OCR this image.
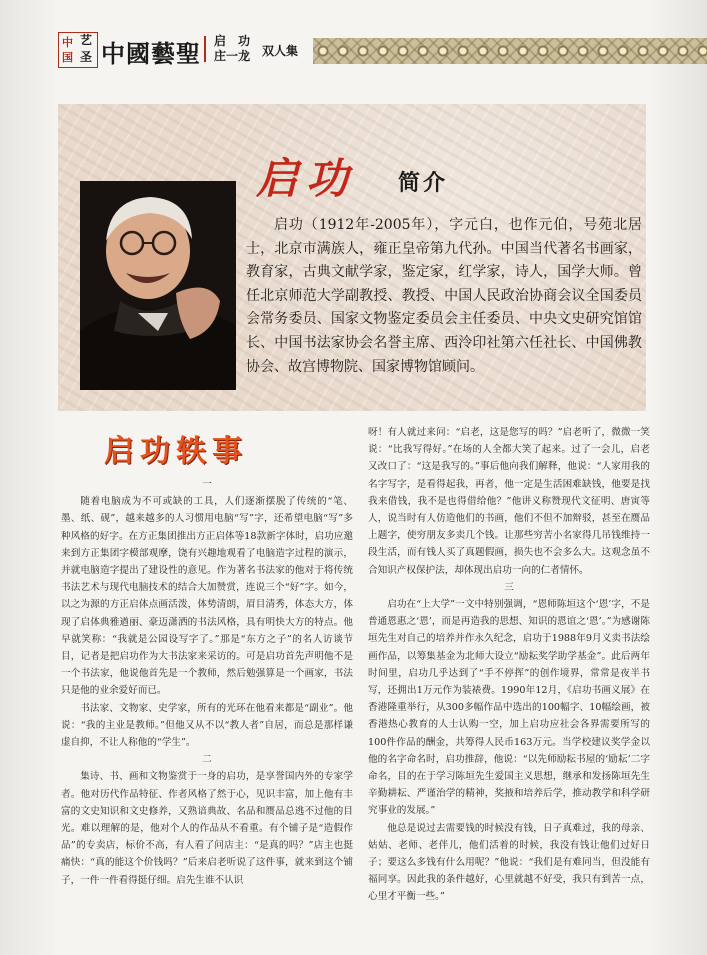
中 艺
国 圣 中國藝聖 启　功
庄一龙 双人集
启功 简介
启功（1912年-2005年），字元白，也作元伯，号苑北居士，北京市满族人，雍正皇帝第九代孙。中国当代著名书画家，教育家，古典文献学家，鉴定家，红学家，诗人，国学大师。曾任北京师范大学副教授、教授、中国人民政治协商会议全国委员会常务委员、国家文物鉴定委员会主任委员、中央文史研究馆馆长、中国书法家协会名誉主席、西泠印社第六任社长、中国佛教协会、故宫博物院、国家博物馆顾问。
启功轶事

一

随着电脑成为不可或缺的工具，人们逐渐摆脱了传统的“笔、墨、纸、砚”，越来越多的人习惯用电脑“写”字，还希望电脑“写”多种风格的好字。在方正集团推出方正启体等18款新字体时，启功应邀来到方正集团字模部观摩，饶有兴趣地观看了电脑造字过程的演示，并就电脑造字提出了建设性的意见。作为著名书法家的他对于将传统书法艺术与现代电脑技术的结合大加赞赏，连说三个“好”字。如今，以之为源的方正启体点画活泼，体势清朗，眉目清秀，体态大方，体现了启体典雅遒丽、豪迈潇洒的书法风格，具有明快大方的特点。他早就笑称：“我就是公园设写字了。”那是“东方之子”的名人访谈节目，记者是把启功作为大书法家来采访的。可是启功首先声明他不是一个书法家，他说他首先是一个教师，然后勉强算是一个画家，书法只是他的业余爱好而已。

书法家、文物家、史学家，所有的光环在他看来都是“副业”。他说：“我的主业是教师。”但他又从不以“教人者”自居，而总是那样谦虚自抑，不让人称他的“学生”。

二

集诗、书、画和文物鉴赏于一身的启功，是享誉国内外的专家学者。他对历代作品特征、作者风格了然于心，见识丰富，加上他有丰富的文史知识和文史修养，又熟谙典故、名品和赝品总逃不过他的目光。难以理解的是，他对个人的作品从不看重。有个铺子是“造假作品”的专卖店，标价不高，有人看了问店主：“是真的吗？”店主也挺痛快：“真的能这个价钱吗？”后来启老听说了这件事，就来到这个铺子，一件一件看得挺仔细。启先生谁不认识

呀！有人就过来问：“启老，这是您写的吗？”启老听了，微微一笑说：“比我写得好。”在场的人全都大笑了起来。过了一会儿，启老又改口了：“这是我写的。”事后他向我们解释，他说：“人家用我的名字写字，是看得起我，再者，他一定是生活困难缺钱，他要是找我来借钱，我不是也得借给他？”他讲义称赞现代文征明、唐寅等人，说当时有人仿造他们的书画，他们不但不加辩驳，甚至在赝品上题字，使穷朋友多卖几个钱。让那些穷苦小名家得几吊钱维持一段生活，而有钱人买了真题假画，损失也不会多么大。这观念虽不合知识产权保护法，却体现出启功一向的仁者情怀。

三

启功在“上大学”一文中特别强调，“恩师陈垣这个‘恩’字，不是普通恩惠之‘恩’，而是再造我的思想、知识的恩谊之‘恩’。”为感谢陈垣先生对自己的培养并作永久纪念，启功于1988年9月义卖书法绘画作品，以筹集基金为北师大设立“励耘奖学助学基金”。此后两年时间里，启功几乎达到了“手不停挥”的创作境界，常常是夜半书写，还拥出1万元作为装裱费。1990年12月，《启功书画义展》在香港隆重举行，从300多幅作品中选出的100幅字、10幅绘画，被香港热心教育的人士认购一空，加上启功应社会各界需要所写的100件作品的酬金，共筹得人民币163万元。当学校建议奖学金以他的名字命名时，启功推辞，他说：“以先师励耘书屋的‘励耘’二字命名，目的在于学习陈垣先生爱国主义思想，继承和发扬陈垣先生辛勤耕耘、严谨治学的精神，奖掖和培养后学，推动教学和科学研究事业的发展。”

他总是说过去需要钱的时候没有钱，日子真难过，我的母亲、姑姑、老师、老伴儿，他们活着的时候，我没有钱让他们过好日子；要这么多钱有什么用呢？”他说：“我们是有难同当，但没能有福同享。因此我的条件越好，心里就越不好受，我只有到苦一点，心里才平衡一些。”
